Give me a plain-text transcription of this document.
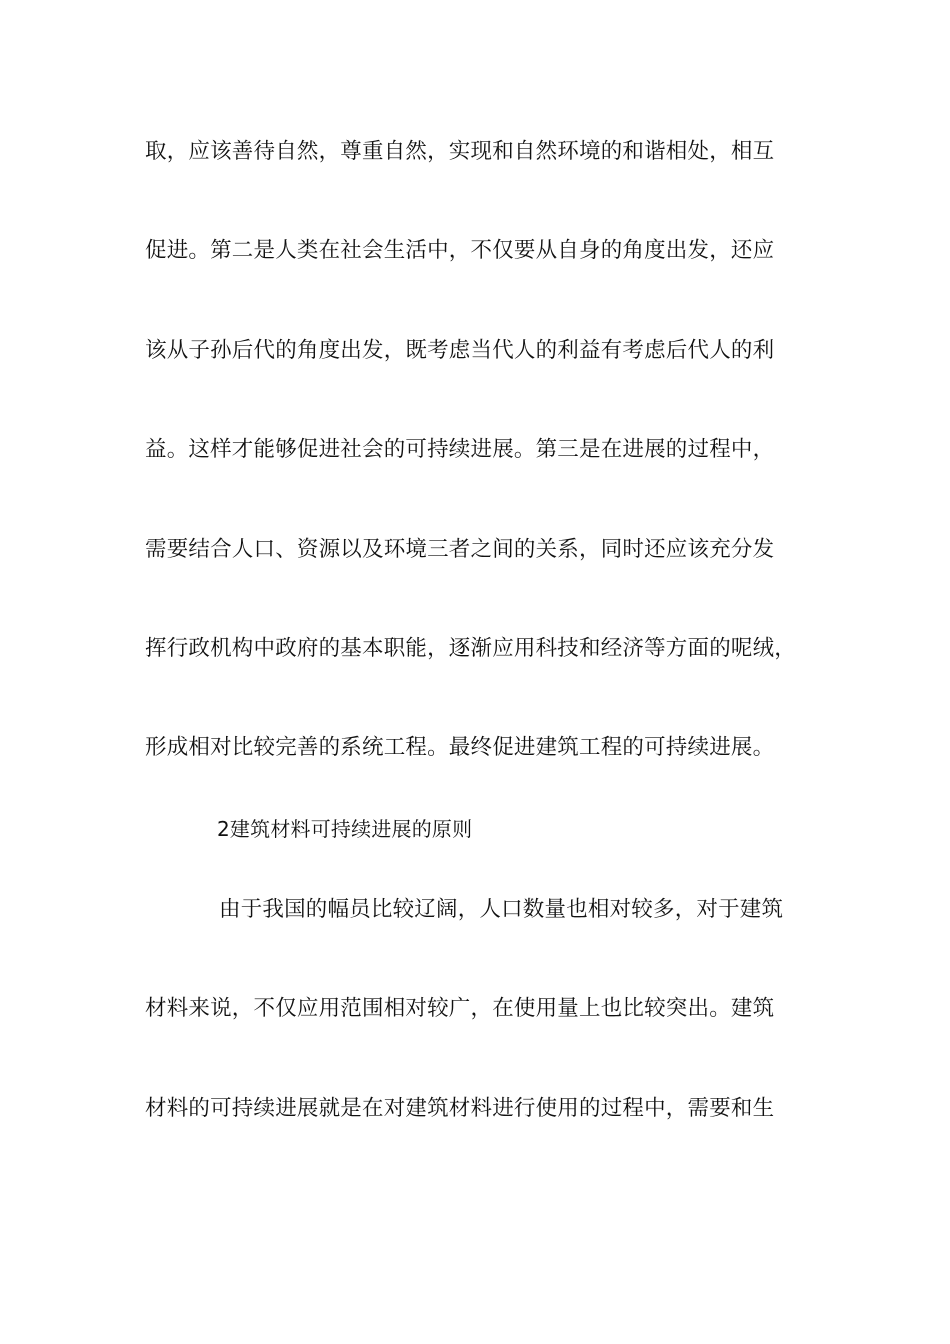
取，应该善待自然，尊重自然，实现和自然环境的和谐相处，相互
促进。第二是人类在社会生活中，不仅要从自身的角度出发，还应
该从子孙后代的角度出发，既考虑当代人的利益有考虑后代人的利
益。这样才能够促进社会的可持续进展。第三是在进展的过程中，
需要结合人口、资源以及环境三者之间的关系，同时还应该充分发
挥行政机构中政府的基本职能，逐渐应用科技和经济等方面的呢绒，
形成相对比较完善的系统工程。最终促进建筑工程的可持续进展。
2建筑材料可持续进展的原则
由于我国的幅员比较辽阔，人口数量也相对较多，对于建筑
材料来说，不仅应用范围相对较广，在使用量上也比较突出。建筑
材料的可持续进展就是在对建筑材料进行使用的过程中，需要和生
